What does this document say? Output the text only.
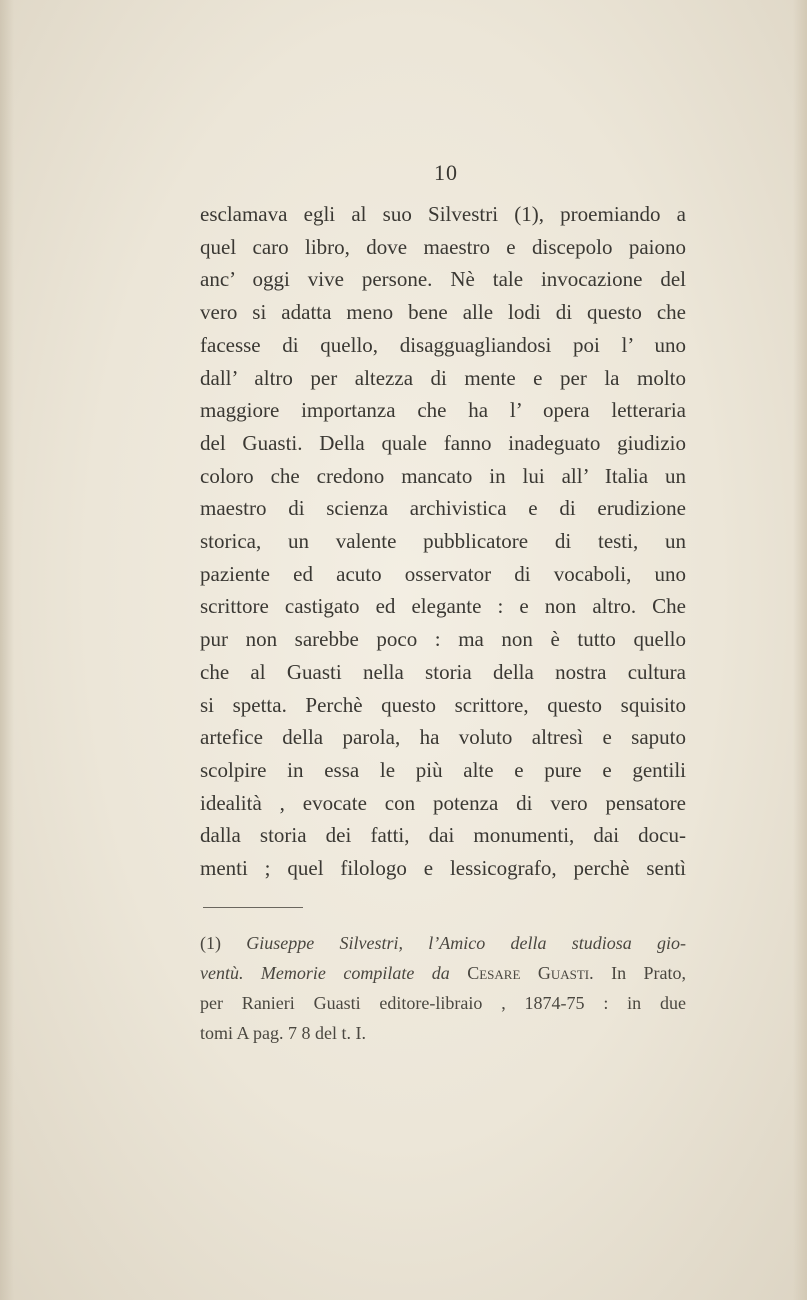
10
esclamava egli al suo Silvestri (1), proemiando a
quel caro libro, dove maestro e discepolo paiono
anc’ oggi vive persone. Nè tale invocazione del
vero si adatta meno bene alle lodi di questo che
facesse di quello, disagguagliandosi poi l’ uno
dall’ altro per altezza di mente e per la molto
maggiore importanza che ha l’ opera letteraria
del Guasti. Della quale fanno inadeguato giudizio
coloro che credono mancato in lui all’ Italia un
maestro di scienza archivistica e di erudizione
storica, un valente pubblicatore di testi, un
paziente ed acuto osservator di vocaboli, uno
scrittore castigato ed elegante : e non altro. Che
pur non sarebbe poco : ma non è tutto quello
che al Guasti nella storia della nostra cultura
si spetta. Perchè questo scrittore, questo squisito
artefice della parola, ha voluto altresì e saputo
scolpire in essa le più alte e pure e gentili
idealità , evocate con potenza di vero pensatore
dalla storia dei fatti, dai monumenti, dai docu-
menti ; quel filologo e lessicografo, perchè sentì
(1) Giuseppe Silvestri, l’Amico della studiosa gio-
ventù. Memorie compilate da Cesare Guasti. In Prato,
per Ranieri Guasti editore-libraio , 1874-75 : in due
tomi A pag. 7 8 del t. I.
